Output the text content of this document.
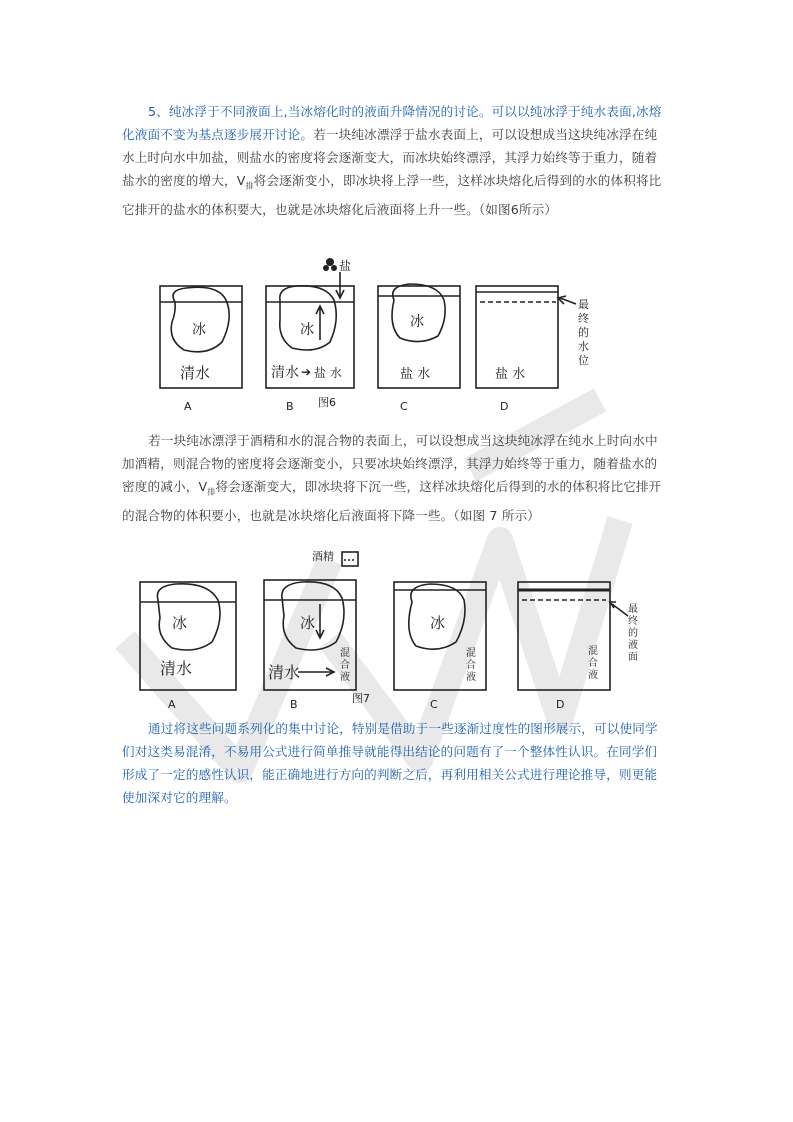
5、纯冰浮于不同液面上,当冰熔化时的液面升降情况的讨论。可以以纯冰浮于纯水表面,冰熔化液面不变为基点逐步展开讨论。若一块纯冰漂浮于盐水表面上，可以设想成当这块纯冰浮在纯水上时向水中加盐，则盐水的密度将会逐渐变大，而冰块始终漂浮，其浮力始终等于重力，随着盐水的密度的增大，$V_排$将会逐渐变小，即冰块将上浮一些，这样冰块熔化后得到的水的体积将比它排开的盐水的体积要大，也就是冰块熔化后液面将上升一些。（如图6所示）
盐
冰
清水
冰
清水 ➔ 盐 水
冰
盐 水	盐 水
最
终
的
水
位
A	B 图6	C	D
若一块纯冰漂浮于酒精和水的混合物的表面上，可以设想成当这块纯冰浮在纯水上时向水中加酒精，则混合物的密度将会逐渐变小，只要冰块始终漂浮，其浮力始终等于重力，随着盐水的密度的减小，$V_排$将会逐渐变大，即冰块将下沉一些，这样冰块熔化后得到的水的体积将比它排开的混合物的体积要小，也就是冰块熔化后液面将下降一些。（如图 7 所示）
酒精
冰
清水
冰
清水
混
合
液
冰
混
合
液
混
合
液
最
终
的
液
面
A	B	图7	C	D
通过将这些问题系列化的集中讨论，特别是借助于一些逐渐过度性的图形展示，可以使同学们对这类易混淆，不易用公式进行简单推导就能得出结论的问题有了一个整体性认识。在同学们形成了一定的感性认识，能正确地进行方向的判断之后，再利用相关公式进行理论推导，则更能使加深对它的理解。
